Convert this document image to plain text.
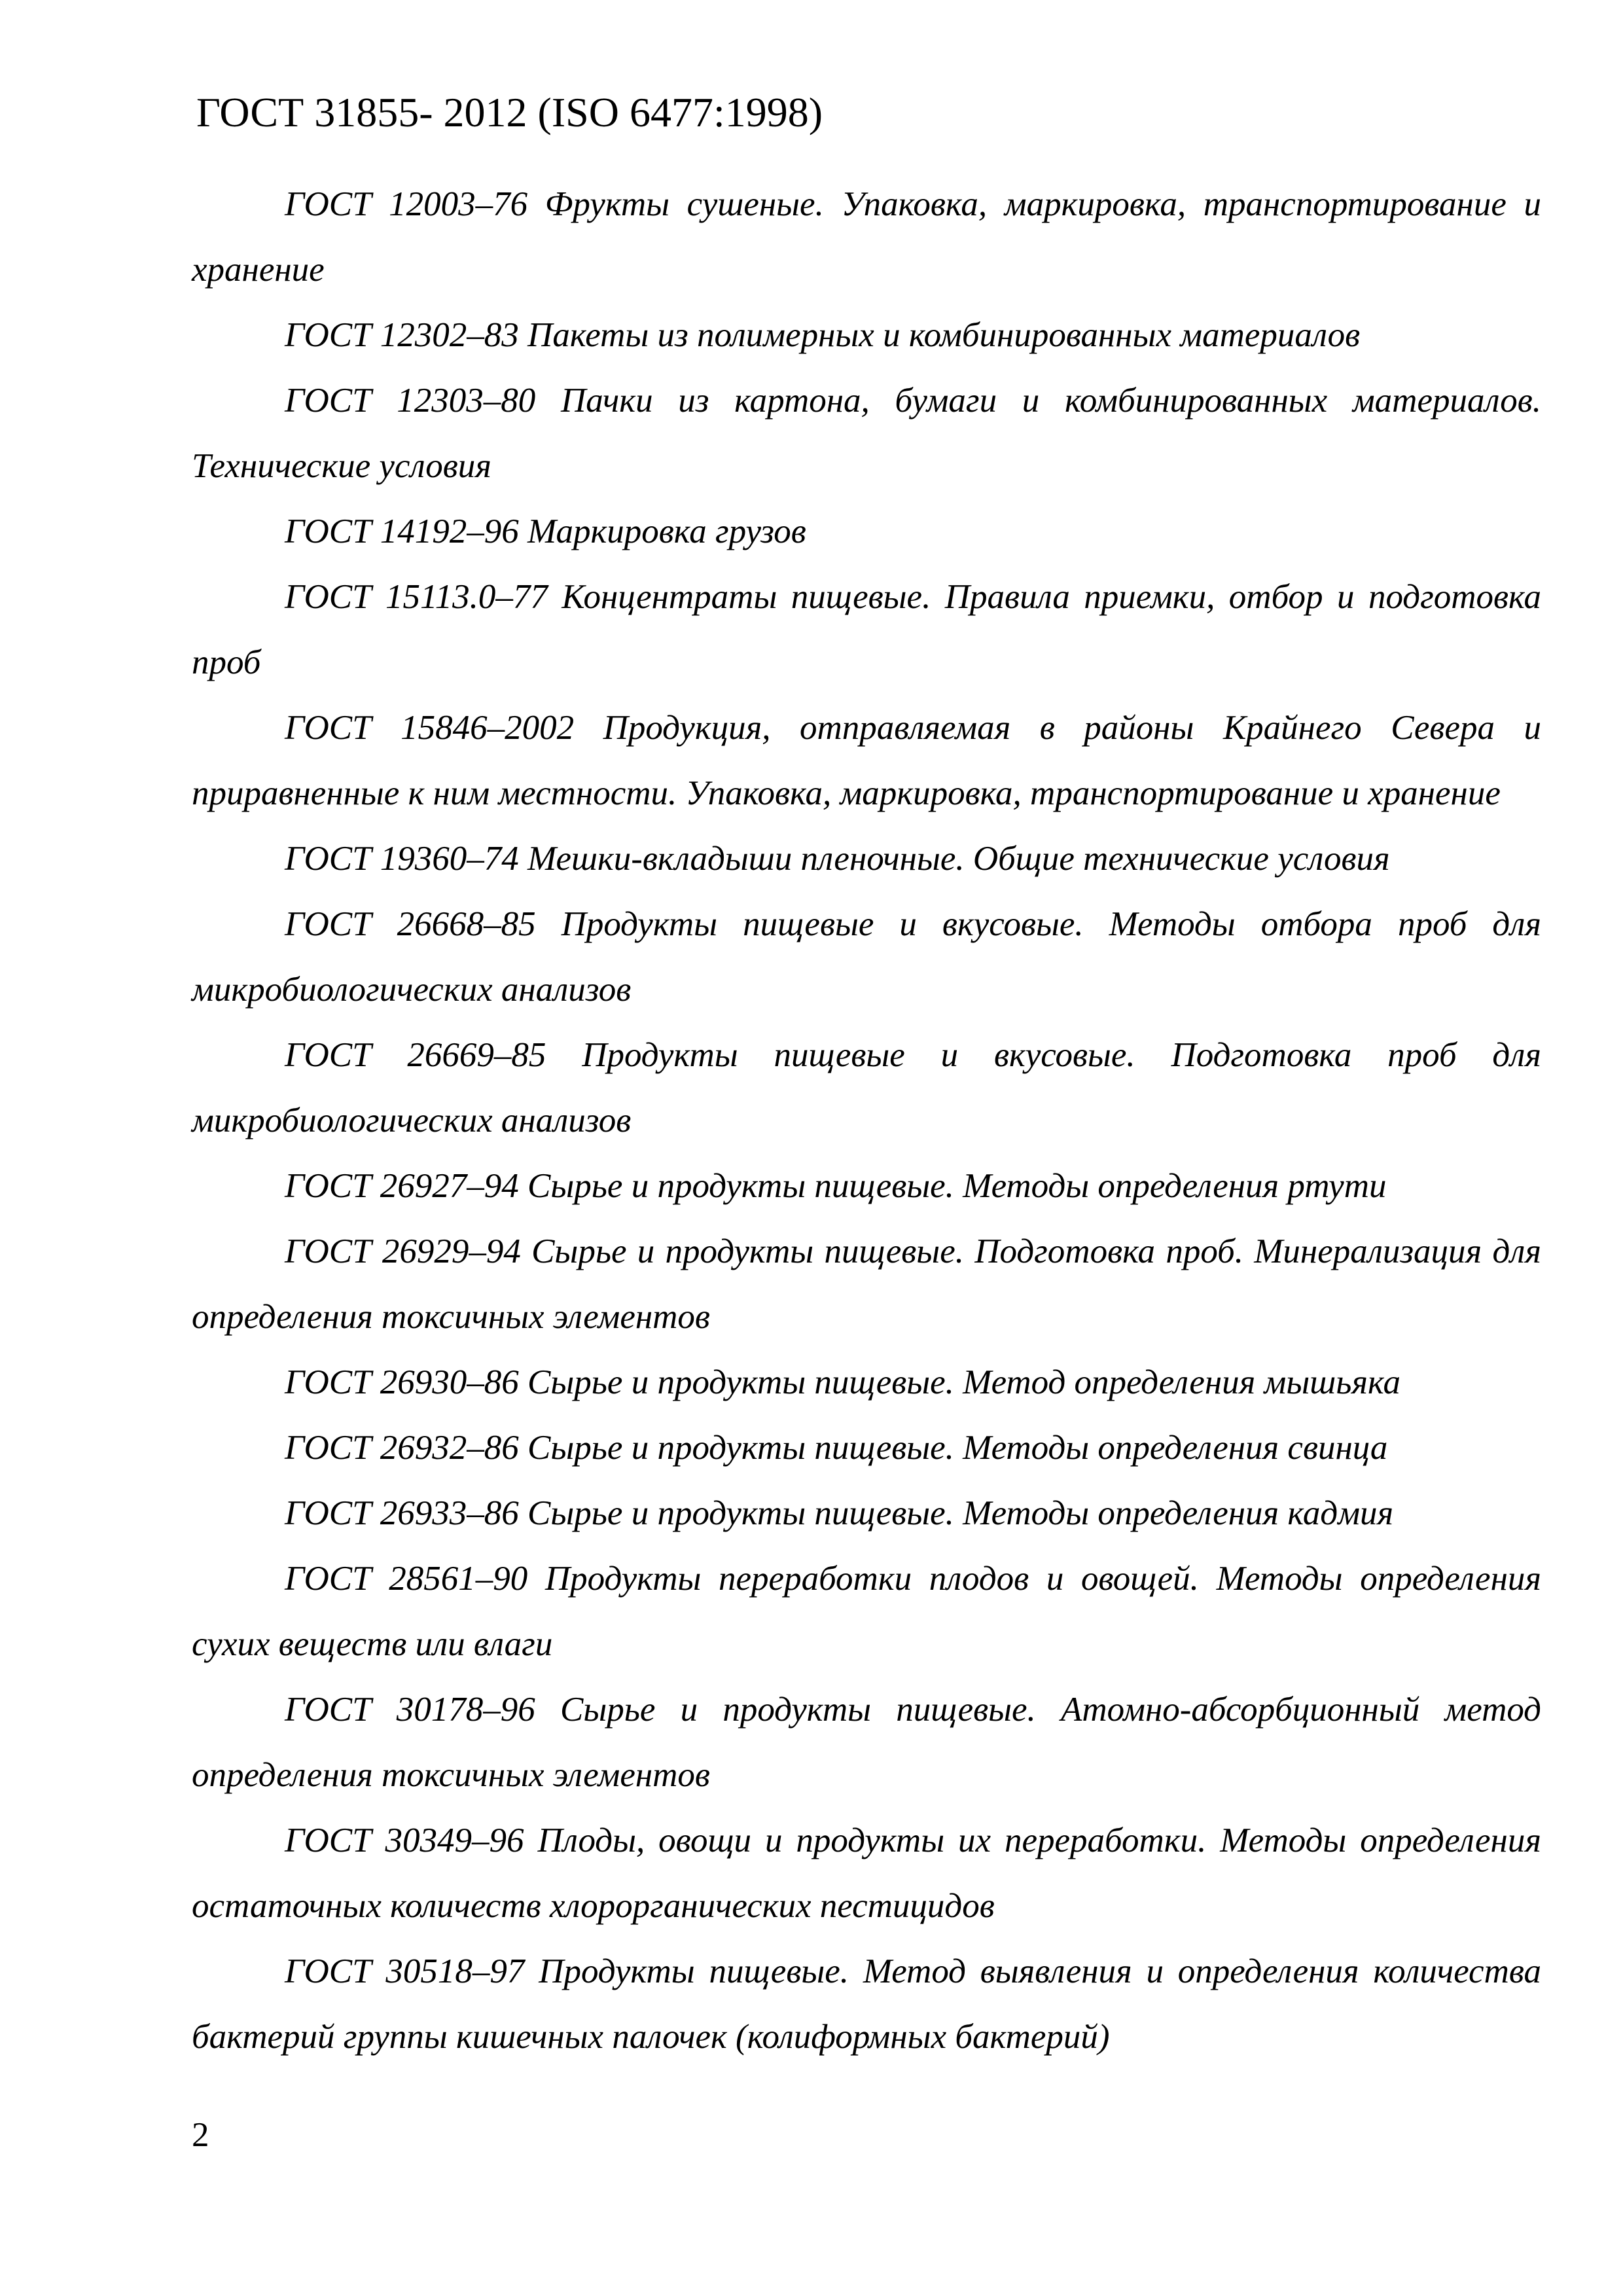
ГОСТ 31855- 2012 (ISO 6477:1998)

ГОСТ 12003–76 Фрукты сушеные. Упаковка, маркировка, транспортирование и хранение

ГОСТ 12302–83 Пакеты из полимерных и комбинированных материалов

ГОСТ 12303–80 Пачки из картона, бумаги и комбинированных материалов. Технические условия

ГОСТ 14192–96 Маркировка грузов

ГОСТ 15113.0–77 Концентраты пищевые. Правила приемки, отбор и подготовка проб

ГОСТ 15846–2002 Продукция, отправляемая в районы Крайнего Севера и приравненные к ним местности. Упаковка, маркировка, транспортирование и хранение

ГОСТ 19360–74 Мешки-вкладыши пленочные. Общие технические условия

ГОСТ 26668–85 Продукты пищевые и вкусовые. Методы отбора проб для микробиологических анализов

ГОСТ 26669–85 Продукты пищевые и вкусовые. Подготовка проб для микробиологических анализов

ГОСТ 26927–94 Сырье и продукты пищевые. Методы определения ртути

ГОСТ 26929–94 Сырье и продукты пищевые. Подготовка проб. Минерализация для определения токсичных элементов

ГОСТ 26930–86 Сырье и продукты пищевые. Метод определения мышьяка

ГОСТ 26932–86 Сырье и продукты пищевые. Методы определения свинца

ГОСТ 26933–86 Сырье и продукты пищевые. Методы определения кадмия

ГОСТ 28561–90 Продукты переработки плодов и овощей. Методы определения сухих веществ или влаги

ГОСТ 30178–96 Сырье и продукты пищевые. Атомно-абсорбционный метод определения токсичных элементов

ГОСТ 30349–96 Плоды, овощи и продукты их переработки. Методы определения остаточных количеств хлорорганических пестицидов

ГОСТ 30518–97 Продукты пищевые. Метод выявления и определения количества бактерий группы кишечных палочек (колиформных бактерий)

2
